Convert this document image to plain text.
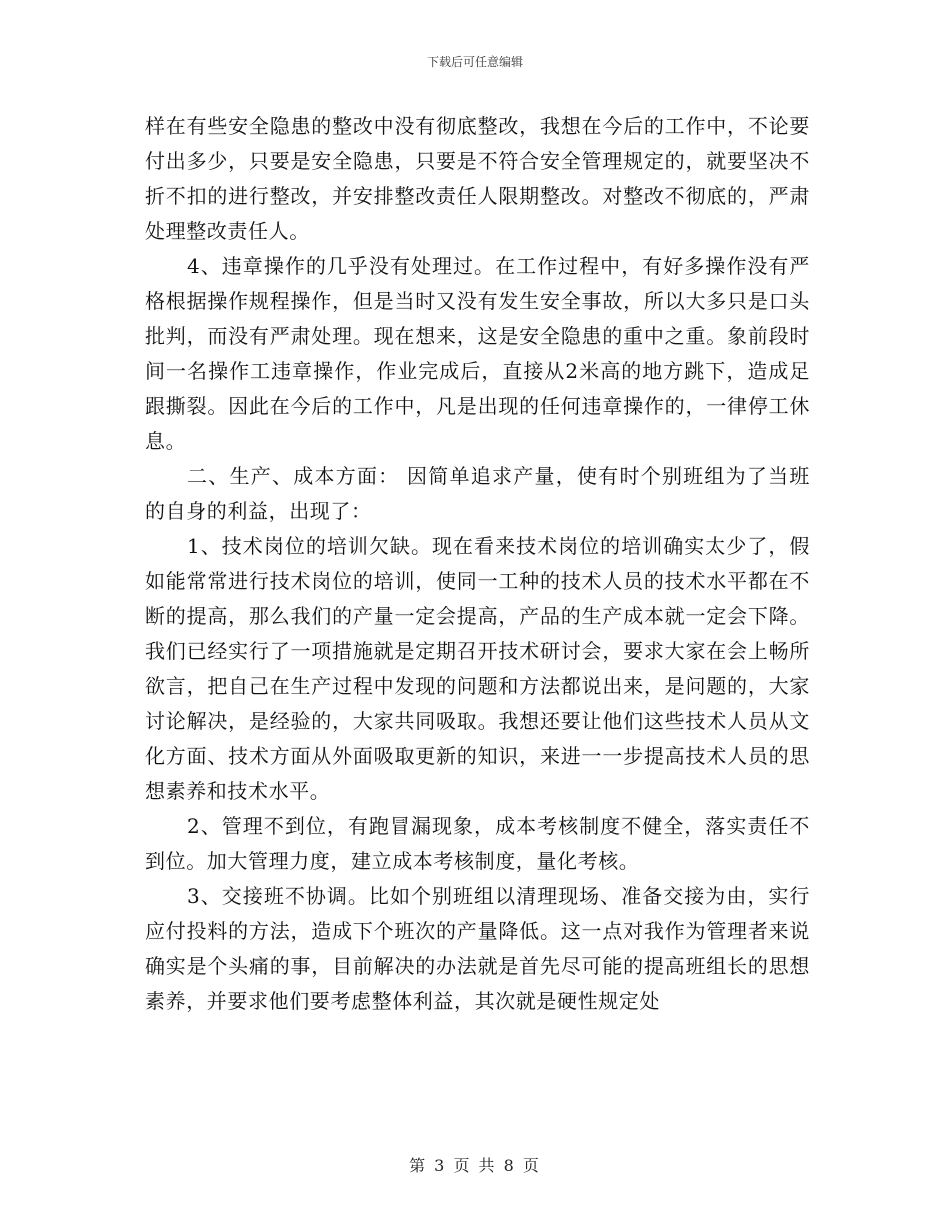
下载后可任意编辑

样在有些安全隐患的整改中没有彻底整改，我想在今后的工作中，不论要付出多少，只要是安全隐患，只要是不符合安全管理规定的，就要坚决不折不扣的进行整改，并安排整改责任人限期整改。对整改不彻底的，严肃处理整改责任人。

4、违章操作的几乎没有处理过。在工作过程中，有好多操作没有严格根据操作规程操作，但是当时又没有发生安全事故，所以大多只是口头批判，而没有严肃处理。现在想来，这是安全隐患的重中之重。象前段时间一名操作工违章操作，作业完成后，直接从2米高的地方跳下，造成足跟撕裂。因此在今后的工作中，凡是出现的任何违章操作的，一律停工休息。

二、生产、成本方面： 因简单追求产量，使有时个别班组为了当班的自身的利益，出现了：

1、技术岗位的培训欠缺。现在看来技术岗位的培训确实太少了，假如能常常进行技术岗位的培训，使同一工种的技术人员的技术水平都在不断的提高，那么我们的产量一定会提高，产品的生产成本就一定会下降。我们已经实行了一项措施就是定期召开技术研讨会，要求大家在会上畅所欲言，把自己在生产过程中发现的问题和方法都说出来，是问题的，大家讨论解决，是经验的，大家共同吸取。我想还要让他们这些技术人员从文化方面、技术方面从外面吸取更新的知识，来进一一步提高技术人员的思想素养和技术水平。

2、管理不到位，有跑冒漏现象，成本考核制度不健全，落实责任不到位。加大管理力度，建立成本考核制度，量化考核。

3、交接班不协调。比如个别班组以清理现场、准备交接为由，实行应付投料的方法，造成下个班次的产量降低。这一点对我作为管理者来说确实是个头痛的事，目前解决的办法就是首先尽可能的提高班组长的思想素养，并要求他们要考虑整体利益，其次就是硬性规定处

第 3 页 共 8 页
